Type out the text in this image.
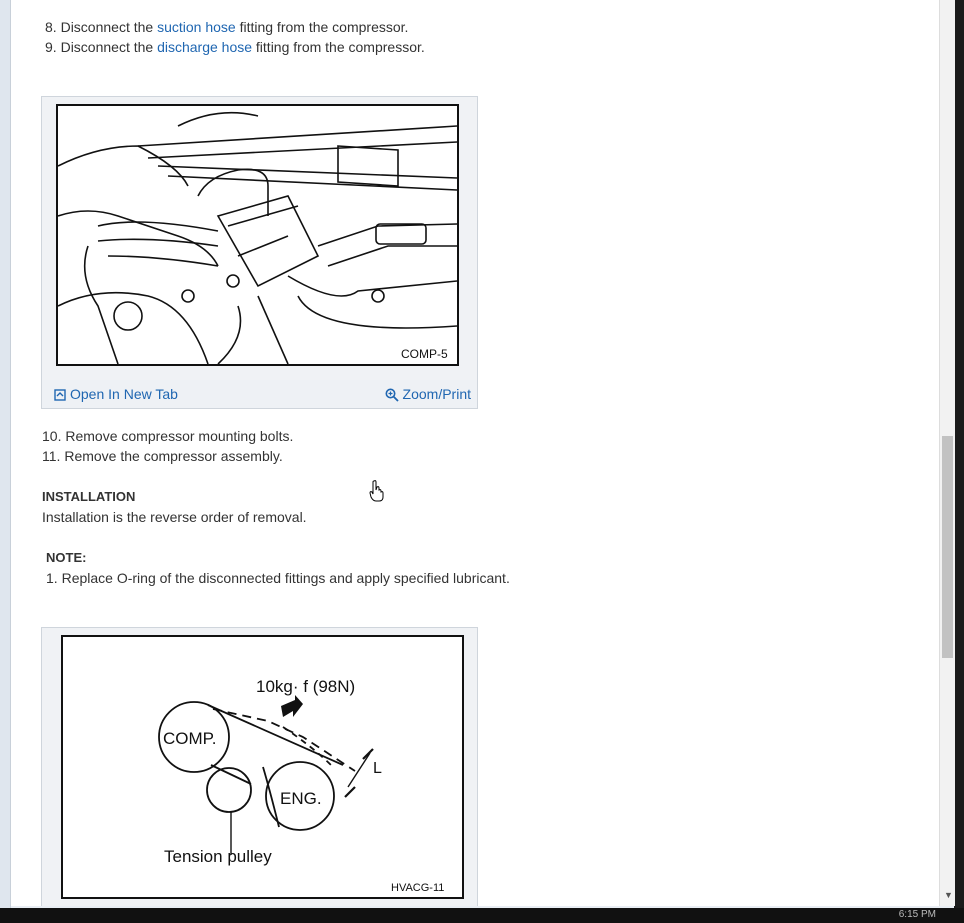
8. Disconnect the suction hose fitting from the compressor.
9. Disconnect the discharge hose fitting from the compressor.
COMP-5
Open In New Tab	Zoom/Print
10. Remove compressor mounting bolts.
11. Remove the compressor assembly.
INSTALLATION
Installation is the reverse order of removal.
NOTE:
1. Replace O-ring of the disconnected fittings and apply specified lubricant.
10kg· f (98N)
COMP.
ENG.
L
Tension pulley
HVACG-11
▼
6:15 PM
